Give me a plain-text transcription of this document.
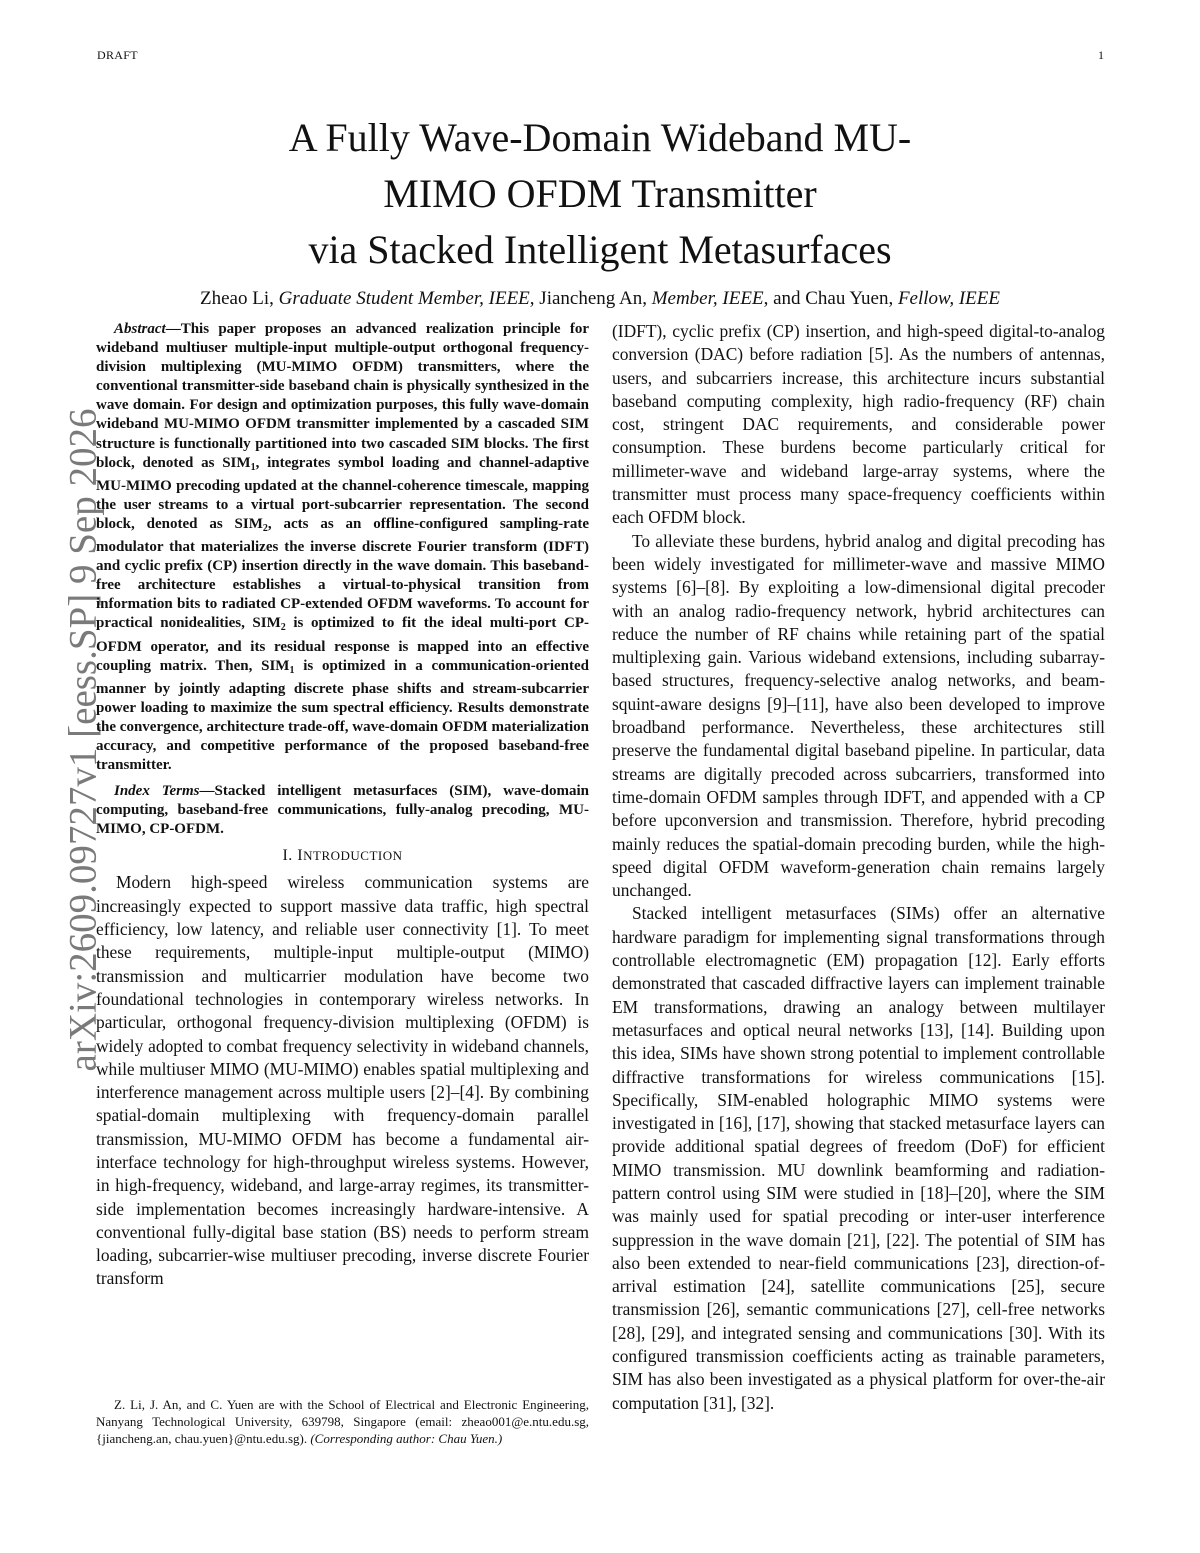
DRAFT	1
A Fully Wave-Domain Wideband MU-
MIMO OFDM Transmitter
via Stacked Intelligent Metasurfaces
Zheao Li, Graduate Student Member, IEEE, Jiancheng An, Member, IEEE, and Chau Yuen, Fellow, IEEE
arXiv:2609.09727v1 [eess.SP] 9 Sep 2026

Abstract—This paper proposes an advanced realization principle for wideband multiuser multiple-input multiple-output orthogonal frequency-division multiplexing (MU-MIMO OFDM) transmitters, where the conventional transmitter-side baseband chain is physically synthesized in the wave domain. For design and optimization purposes, this fully wave-domain wideband MU-MIMO OFDM transmitter implemented by a cascaded SIM structure is functionally partitioned into two cascaded SIM blocks. The first block, denoted as $SIM_1$, integrates symbol loading and channel-adaptive MU-MIMO precoding updated at the channel-coherence timescale, mapping the user streams to a virtual port-subcarrier representation. The second block, denoted as $SIM_2$, acts as an offline-configured sampling-rate modulator that materializes the inverse discrete Fourier transform (IDFT) and cyclic prefix (CP) insertion directly in the wave domain. This baseband-free architecture establishes a virtual-to-physical transition from information bits to radiated CP-extended OFDM waveforms. To account for practical nonidealities, $SIM_2$ is optimized to fit the ideal multi-port CP-OFDM operator, and its residual response is mapped into an effective coupling matrix. Then, $SIM_1$ is optimized in a communication-oriented manner by jointly adapting discrete phase shifts and stream-subcarrier power loading to maximize the sum spectral efficiency. Results demonstrate the convergence, architecture trade-off, wave-domain OFDM materialization accuracy, and competitive performance of the proposed baseband-free transmitter.

Index Terms—Stacked intelligent metasurfaces (SIM), wave-domain computing, baseband-free communications, fully-analog precoding, MU-MIMO, CP-OFDM.

I. INTRODUCTION

Modern high-speed wireless communication systems are increasingly expected to support massive data traffic, high spectral efficiency, low latency, and reliable user connectivity [1]. To meet these requirements, multiple-input multiple-output (MIMO) transmission and multicarrier modulation have become two foundational technologies in contemporary wireless networks. In particular, orthogonal frequency-division multiplexing (OFDM) is widely adopted to combat frequency selectivity in wideband channels, while multiuser MIMO (MU-MIMO) enables spatial multiplexing and interference management across multiple users [2]–[4]. By combining spatial-domain multiplexing with frequency-domain parallel transmission, MU-MIMO OFDM has become a fundamental air-interface technology for high-throughput wireless systems. However, in high-frequency, wideband, and large-array regimes, its transmitter-side implementation becomes increasingly hardware-intensive. A conventional fully-digital base station (BS) needs to perform stream loading, subcarrier-wise multiuser precoding, inverse discrete Fourier transform

(IDFT), cyclic prefix (CP) insertion, and high-speed digital-to-analog conversion (DAC) before radiation [5]. As the numbers of antennas, users, and subcarriers increase, this architecture incurs substantial baseband computing complexity, high radio-frequency (RF) chain cost, stringent DAC requirements, and considerable power consumption. These burdens become particularly critical for millimeter-wave and wideband large-array systems, where the transmitter must process many space-frequency coefficients within each OFDM block.

To alleviate these burdens, hybrid analog and digital precoding has been widely investigated for millimeter-wave and massive MIMO systems [6]–[8]. By exploiting a low-dimensional digital precoder with an analog radio-frequency network, hybrid architectures can reduce the number of RF chains while retaining part of the spatial multiplexing gain. Various wideband extensions, including subarray-based structures, frequency-selective analog networks, and beam-squint-aware designs [9]–[11], have also been developed to improve broadband performance. Nevertheless, these architectures still preserve the fundamental digital baseband pipeline. In particular, data streams are digitally precoded across subcarriers, transformed into time-domain OFDM samples through IDFT, and appended with a CP before upconversion and transmission. Therefore, hybrid precoding mainly reduces the spatial-domain precoding burden, while the high-speed digital OFDM waveform-generation chain remains largely unchanged.

Stacked intelligent metasurfaces (SIMs) offer an alternative hardware paradigm for implementing signal transformations through controllable electromagnetic (EM) propagation [12]. Early efforts demonstrated that cascaded diffractive layers can implement trainable EM transformations, drawing an analogy between multilayer metasurfaces and optical neural networks [13], [14]. Building upon this idea, SIMs have shown strong potential to implement controllable diffractive transformations for wireless communications [15]. Specifically, SIM-enabled holographic MIMO systems were investigated in [16], [17], showing that stacked metasurface layers can provide additional spatial degrees of freedom (DoF) for efficient MIMO transmission. MU downlink beamforming and radiation-pattern control using SIM were studied in [18]–[20], where the SIM was mainly used for spatial precoding or inter-user interference suppression in the wave domain [21], [22]. The potential of SIM has also been extended to near-field communications [23], direction-of-arrival estimation [24], satellite communications [25], secure transmission [26], semantic communications [27], cell-free networks [28], [29], and integrated sensing and communications [30]. With its configured transmission coefficients acting as trainable parameters, SIM has also been investigated as a physical platform for over-the-air computation [31], [32].

Z. Li, J. An, and C. Yuen are with the School of Electrical and Electronic Engineering, Nanyang Technological University, 639798, Singapore (email: zheao001@e.ntu.edu.sg, {jiancheng.an, chau.yuen}@ntu.edu.sg). (Corresponding author: Chau Yuen.)
